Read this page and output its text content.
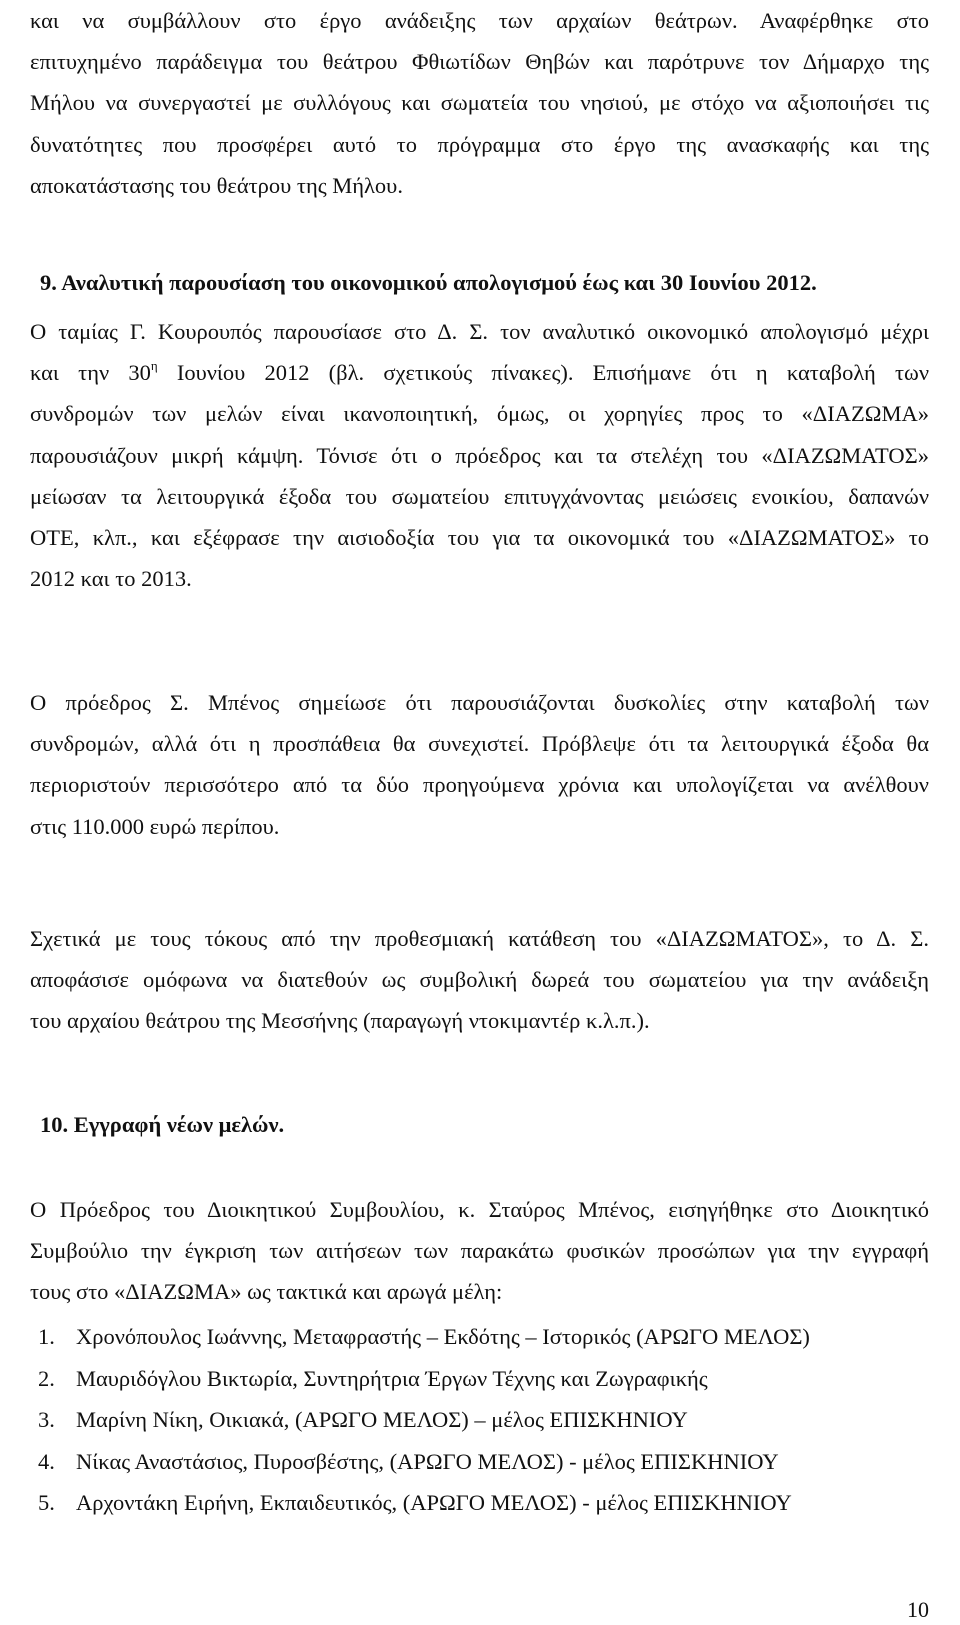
και να συμβάλλουν στο έργο ανάδειξης των αρχαίων θεάτρων. Αναφέρθηκε στο
επιτυχημένο παράδειγμα του θεάτρου Φθιωτίδων Θηβών και παρότρυνε τον Δήμαρχο της
Μήλου να συνεργαστεί με συλλόγους και σωματεία του νησιού, με στόχο να αξιοποιήσει τις
δυνατότητες που προσφέρει αυτό το πρόγραμμα στο έργο της ανασκαφής και της
αποκατάστασης του θεάτρου της Μήλου.

9. Αναλυτική παρουσίαση του οικονομικού απολογισμού έως και 30 Ιουνίου 2012.

Ο ταμίας Γ. Κουρουπός παρουσίασε στο Δ. Σ. τον αναλυτικό οικονομικό απολογισμό μέχρι
και την $30^\eta$ Ιουνίου 2012 (βλ. σχετικούς πίνακες). Επισήμανε ότι η καταβολή των
συνδρομών των μελών είναι ικανοποιητική, όμως, οι χορηγίες προς το «ΔΙΑΖΩΜΑ»
παρουσιάζουν μικρή κάμψη. Τόνισε ότι ο πρόεδρος και τα στελέχη του «ΔΙΑΖΩΜΑΤΟΣ»
μείωσαν τα λειτουργικά έξοδα του σωματείου επιτυγχάνοντας μειώσεις ενοικίου, δαπανών
ΟΤΕ, κλπ., και εξέφρασε την αισιοδοξία του για τα οικονομικά του «ΔΙΑΖΩΜΑΤΟΣ» το
2012 και το 2013.

Ο πρόεδρος Σ. Μπένος σημείωσε ότι παρουσιάζονται δυσκολίες στην καταβολή των
συνδρομών, αλλά ότι η προσπάθεια θα συνεχιστεί. Πρόβλεψε ότι τα λειτουργικά έξοδα θα
περιοριστούν περισσότερο από τα δύο προηγούμενα χρόνια και υπολογίζεται να ανέλθουν
στις 110.000 ευρώ περίπου.

Σχετικά με τους τόκους από την προθεσμιακή κατάθεση του «ΔΙΑΖΩΜΑΤΟΣ», το Δ. Σ.
αποφάσισε ομόφωνα να διατεθούν ως συμβολική δωρεά του σωματείου για την ανάδειξη
του αρχαίου θεάτρου της Μεσσήνης (παραγωγή ντοκιμαντέρ κ.λ.π.).

10. Εγγραφή νέων μελών.

Ο Πρόεδρος του Διοικητικού Συμβουλίου, κ. Σταύρος Μπένος, εισηγήθηκε στο Διοικητικό
Συμβούλιο την έγκριση των αιτήσεων των παρακάτω φυσικών προσώπων για την εγγραφή
τους στο «ΔΙΑΖΩΜΑ» ως τακτικά και αρωγά μέλη:

1. Χρονόπουλος Ιωάννης, Μεταφραστής – Εκδότης – Ιστορικός (ΑΡΩΓΟ ΜΕΛΟΣ)
2. Μαυριδόγλου Βικτωρία, Συντηρήτρια Έργων Τέχνης και Ζωγραφικής
3. Μαρίνη Νίκη, Οικιακά, (ΑΡΩΓΟ ΜΕΛΟΣ) – μέλος ΕΠΙΣΚΗΝΙΟΥ
4. Νίκας Αναστάσιος, Πυροσβέστης, (ΑΡΩΓΟ ΜΕΛΟΣ) - μέλος ΕΠΙΣΚΗΝΙΟΥ
5. Αρχοντάκη Ειρήνη, Εκπαιδευτικός, (ΑΡΩΓΟ ΜΕΛΟΣ) - μέλος ΕΠΙΣΚΗΝΙΟΥ
10
